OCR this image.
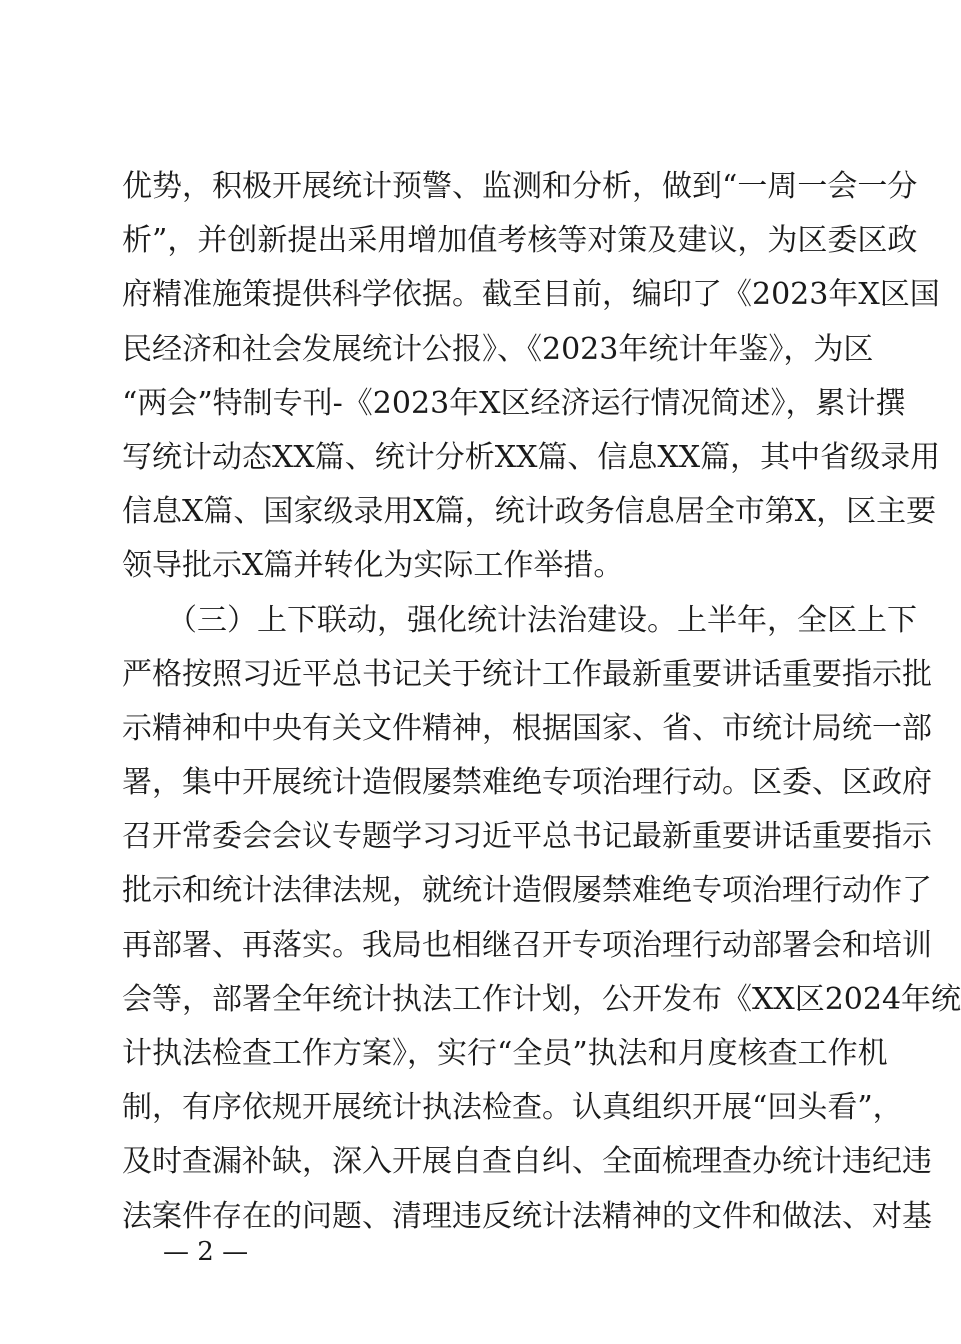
优势，积极开展统计预警、监测和分析，做到“一周一会一分
析”，并创新提出采用增加值考核等对策及建议，为区委区政
府精准施策提供科学依据。截至目前，编印了《2023年X区国
民经济和社会发展统计公报》、《2023年统计年鉴》，为区
“两会”特制专刊-《2023年X区经济运行情况简述》，累计撰
写统计动态XX篇、统计分析XX篇、信息XX篇，其中省级录用
信息X篇、国家级录用X篇，统计政务信息居全市第X，区主要
领导批示X篇并转化为实际工作举措。
　　（三）上下联动，强化统计法治建设。上半年，全区上下
严格按照习近平总书记关于统计工作最新重要讲话重要指示批
示精神和中央有关文件精神，根据国家、省、市统计局统一部
署，集中开展统计造假屡禁难绝专项治理行动。区委、区政府
召开常委会会议专题学习习近平总书记最新重要讲话重要指示
批示和统计法律法规，就统计造假屡禁难绝专项治理行动作了
再部署、再落实。我局也相继召开专项治理行动部署会和培训
会等，部署全年统计执法工作计划，公开发布《XX区2024年统
计执法检查工作方案》，实行“全员”执法和月度核查工作机
制，有序依规开展统计执法检查。认真组织开展“回头看”，
及时查漏补缺，深入开展自查自纠、全面梳理查办统计违纪违
法案件存在的问题、清理违反统计法精神的文件和做法、对基
— 2 —
